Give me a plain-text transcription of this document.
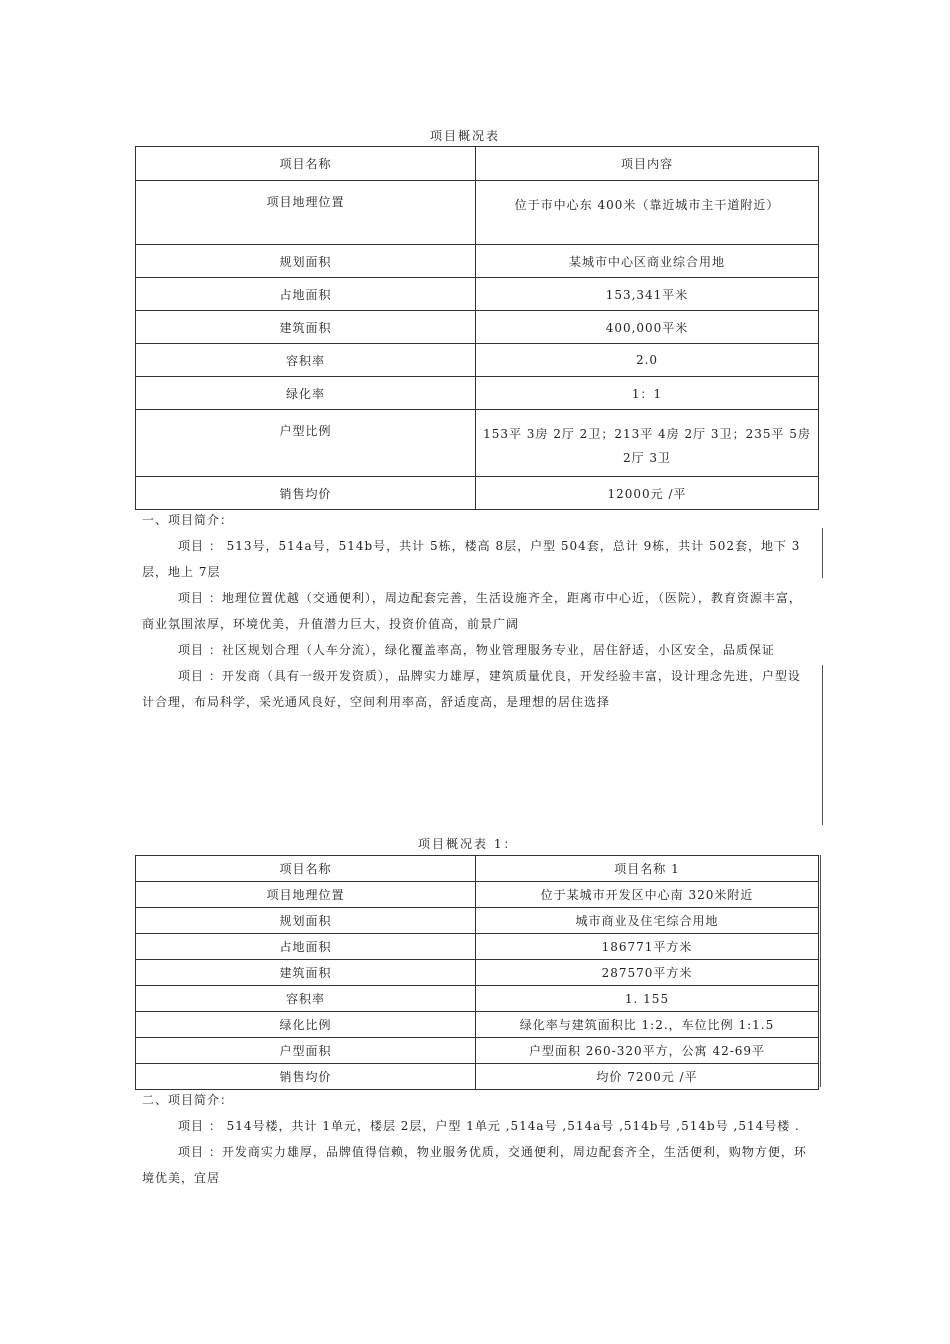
项目概况表
项目名称	项目内容
项目地理位置	位于市中心东 400米（靠近城市主干道附近）
规划面积	某城市中心区商业综合用地
占地面积	153,341平米
建筑面积	400,000平米
容积率	2.0
绿化率	1：1
户型比例	153平 3房 2厅 2卫；213平 4房 2厅 3卫；235平 5房 2厅 3卫
销售均价	12000元 /平

一、项目简介：

项目 ： 513号，514a号，514b号，共计 5栋，楼高 8层，户型 504套，总计 9栋，共计 502套，地下 3层，地上 7层

项目 ：地理位置优越（交通便利），周边配套完善，生活设施齐全，距离市中心近，（医院），教育资源丰富，商业氛围浓厚，环境优美，升值潜力巨大，投资价值高，前景广阔

项目 ：社区规划合理（人车分流），绿化覆盖率高，物业管理服务专业，居住舒适，小区安全，品质保证

项目 ：开发商（具有一级开发资质），品牌实力雄厚，建筑质量优良，开发经验丰富，设计理念先进，户型设计合理，布局科学，采光通风良好，空间利用率高，舒适度高，是理想的居住选择

项目概况表 1：
项目名称	项目名称 1
项目地理位置	位于某城市开发区中心南 320米附近
规划面积	城市商业及住宅综合用地
占地面积	186771平方米
建筑面积	287570平方米
容积率	1. 155
绿化比例	绿化率与建筑面积比 1:2.，车位比例 1:1.5
户型面积	户型面积 260-320平方，公寓 42-69平
销售均价	均价 7200元 /平

二、项目简介：

项目 ： 514号楼，共计 1单元，楼层 2层，户型 1单元 ,514a号 ,514a号 ,514b号 ,514b号 ,514号楼 .

项目 ：开发商实力雄厚，品牌值得信赖，物业服务优质，交通便利，周边配套齐全，生活便利，购物方便，环境优美，宜居
